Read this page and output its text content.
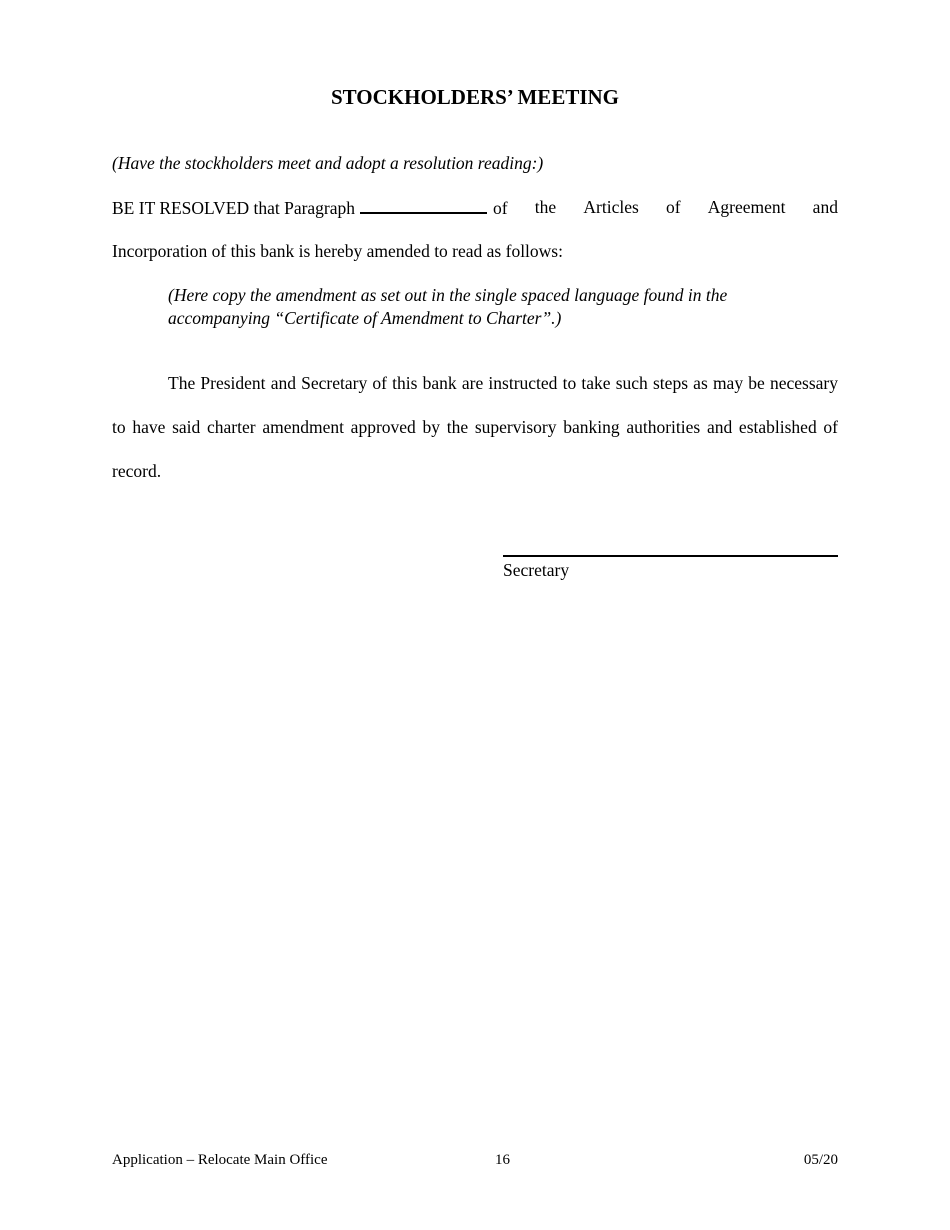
STOCKHOLDERS’ MEETING
(Have the stockholders meet and adopt a resolution reading:)
BE IT RESOLVED that Paragraph	of the Articles of Agreement and
Incorporation of this bank is hereby amended to read as follows:
(Here copy the amendment as set out in the single spaced language found in the
accompanying “Certificate of Amendment to Charter”.)
The President and Secretary of this bank are instructed to take such steps as may be necessary to have said charter amendment approved by the supervisory banking authorities and established of record.
Secretary
Application – Relocate Main Office	16	05/20
